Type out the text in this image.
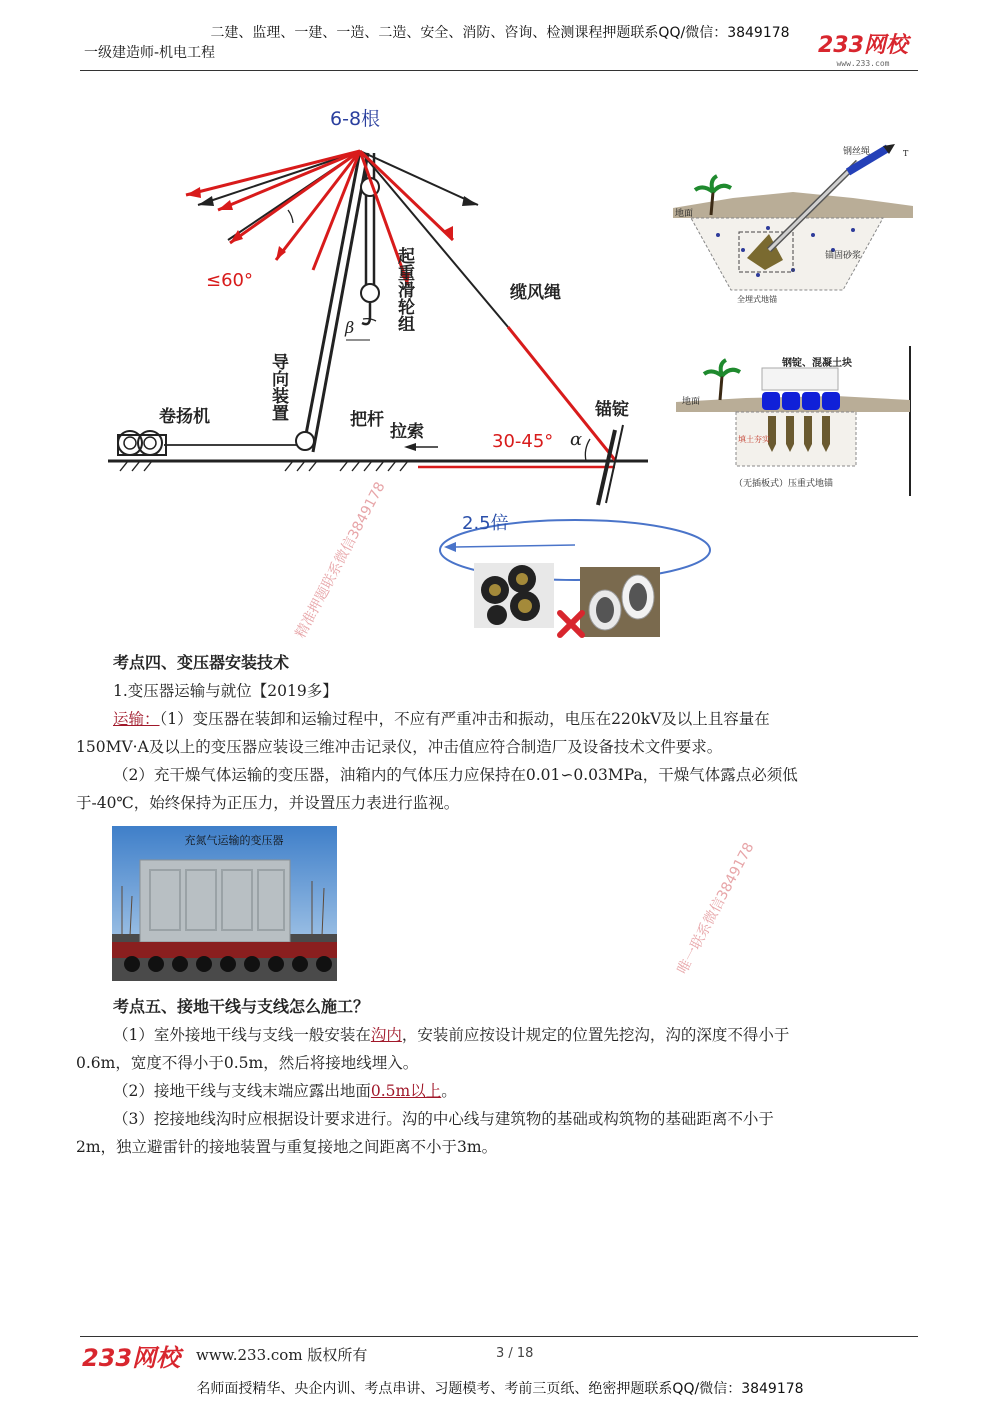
二建、监理、一建、一造、二造、安全、消防、咨询、检测课程押题联系QQ/微信：3849178
一级建造师-机电工程	233网校
www.233.com
6-8根
≤60°
30-45°
卷扬机	把杆
缆风绳
拉索
锚锭
α
β
导向装置
起重滑轮组
2.5倍
地面
钢丝绳	T
锚固砂浆
全埋式地锚
钢锭、混凝土块
地面
填土夯实
（无插板式）压重式地锚
精准押题联系微信3849178
考点四、变压器安装技术
1.变压器运输与就位【2019多】
运输：（1）变压器在装卸和运输过程中，不应有严重冲击和振动，电压在220kV及以上且容量在
150MV·A及以上的变压器应装设三维冲击记录仪，冲击值应符合制造厂及设备技术文件要求。
（2）充干燥气体运输的变压器，油箱内的气体压力应保持在0.01∽0.03MPa，干燥气体露点必须低
于-40℃，始终保持为正压力，并设置压力表进行监视。
充氮气运输的变压器	唯一联系微信3849178
考点五、接地干线与支线怎么施工？
（1）室外接地干线与支线一般安装在沟内，安装前应按设计规定的位置先挖沟，沟的深度不得小于
0.6m，宽度不得小于0.5m，然后将接地线埋入。
（2）接地干线与支线末端应露出地面0.5m以上。
（3）挖接地线沟时应根据设计要求进行。沟的中心线与建筑物的基础或构筑物的基础距离不小于
2m，独立避雷针的接地装置与重复接地之间距离不小于3m。
233网校 www.233.com 版权所有	3 / 18
名师面授精华、央企内训、考点串讲、习题模考、考前三页纸、绝密押题联系QQ/微信：3849178
